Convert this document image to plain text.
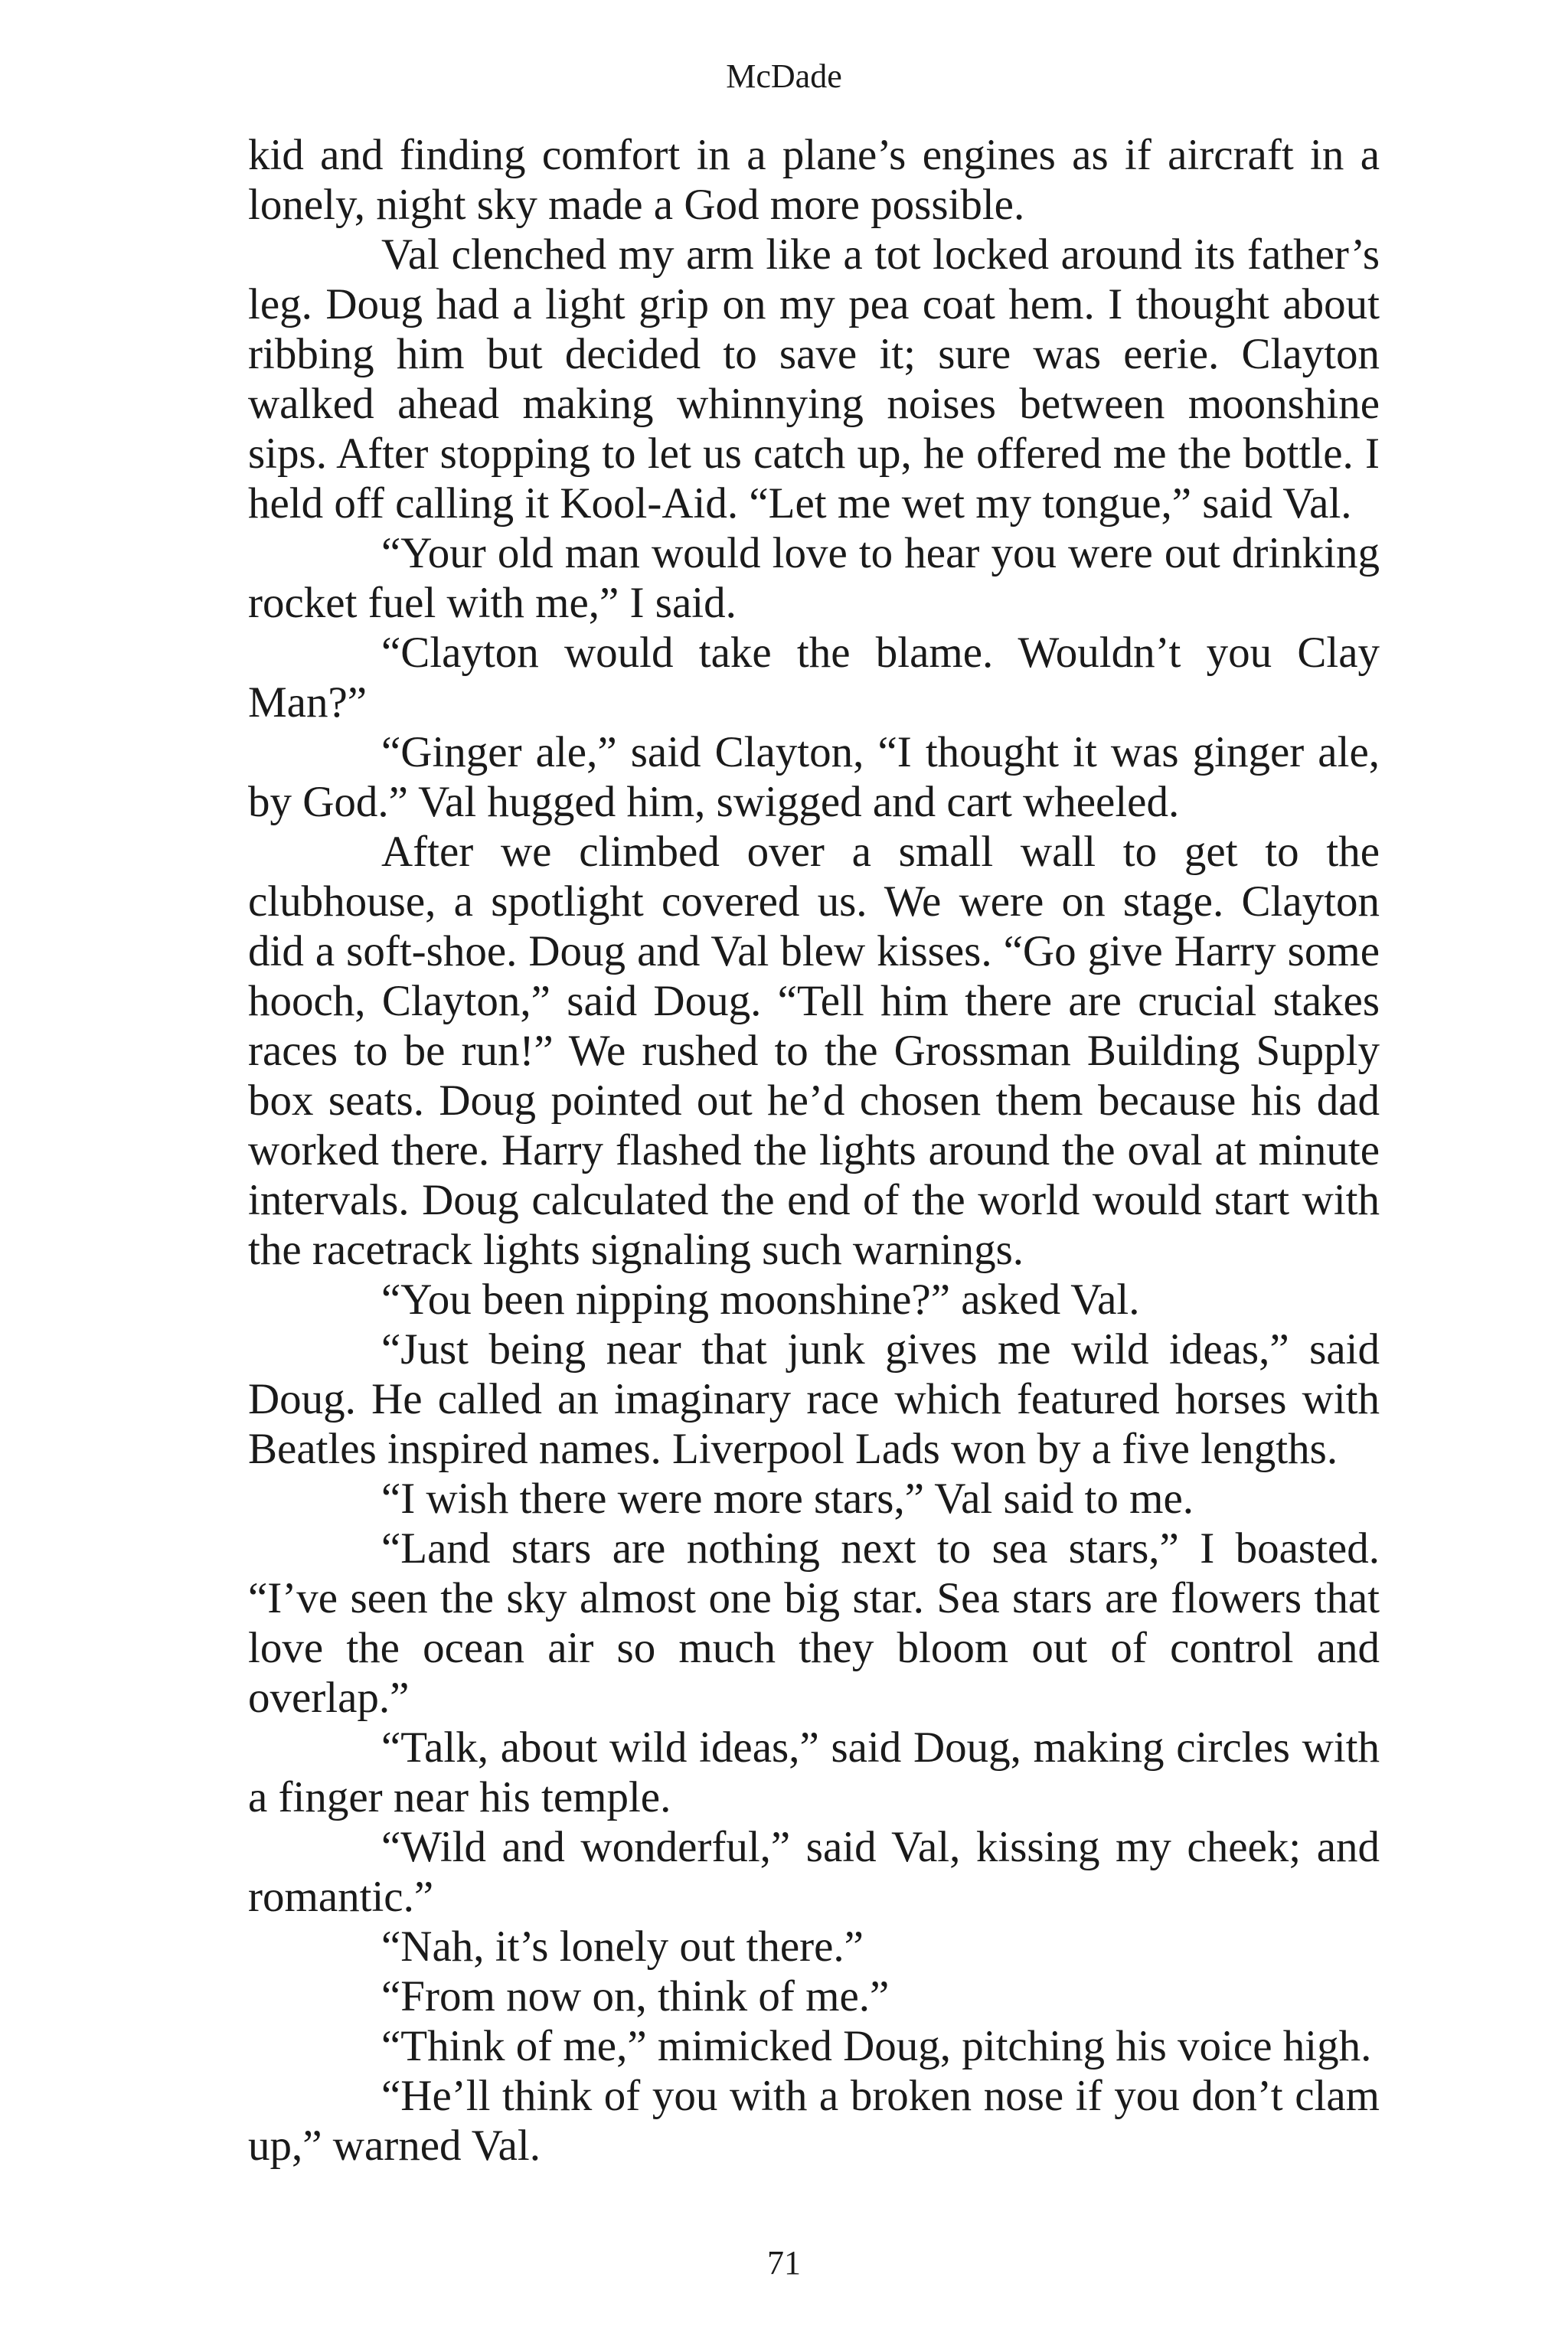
McDade

kid and finding comfort in a plane’s engines as if aircraft in a lonely, night sky made a God more possible.

Val clenched my arm like a tot locked around its father’s leg. Doug had a light grip on my pea coat hem. I thought about ribbing him but decided to save it; sure was eerie. Clayton walked ahead making whinnying noises between moonshine sips. After stopping to let us catch up, he offered me the bottle. I held off calling it Kool-Aid. “Let me wet my tongue,” said Val.

“Your old man would love to hear you were out drinking rocket fuel with me,” I said.

“Clayton would take the blame. Wouldn’t you Clay Man?”

“Ginger ale,” said Clayton, “I thought it was ginger ale, by God.” Val hugged him, swigged and cart wheeled.

After we climbed over a small wall to get to the clubhouse, a spotlight covered us. We were on stage. Clayton did a soft-shoe. Doug and Val blew kisses. “Go give Harry some hooch, Clayton,” said Doug. “Tell him there are crucial stakes races to be run!” We rushed to the Grossman Building Supply box seats. Doug pointed out he’d chosen them because his dad worked there. Harry flashed the lights around the oval at minute intervals. Doug calculated the end of the world would start with the racetrack lights signaling such warnings.

“You been nipping moonshine?” asked Val.

“Just being near that junk gives me wild ideas,” said Doug. He called an imaginary race which featured horses with Beatles inspired names. Liverpool Lads won by a five lengths.

“I wish there were more stars,” Val said to me.

“Land stars are nothing next to sea stars,” I boasted. “I’ve seen the sky almost one big star. Sea stars are flowers that love the ocean air so much they bloom out of control and overlap.”

“Talk, about wild ideas,” said Doug, making circles with a finger near his temple.

“Wild and wonderful,” said Val, kissing my cheek; and romantic.”

“Nah, it’s lonely out there.”

“From now on, think of me.”

“Think of me,” mimicked Doug, pitching his voice high.

“He’ll think of you with a broken nose if you don’t clam up,” warned Val.

71
